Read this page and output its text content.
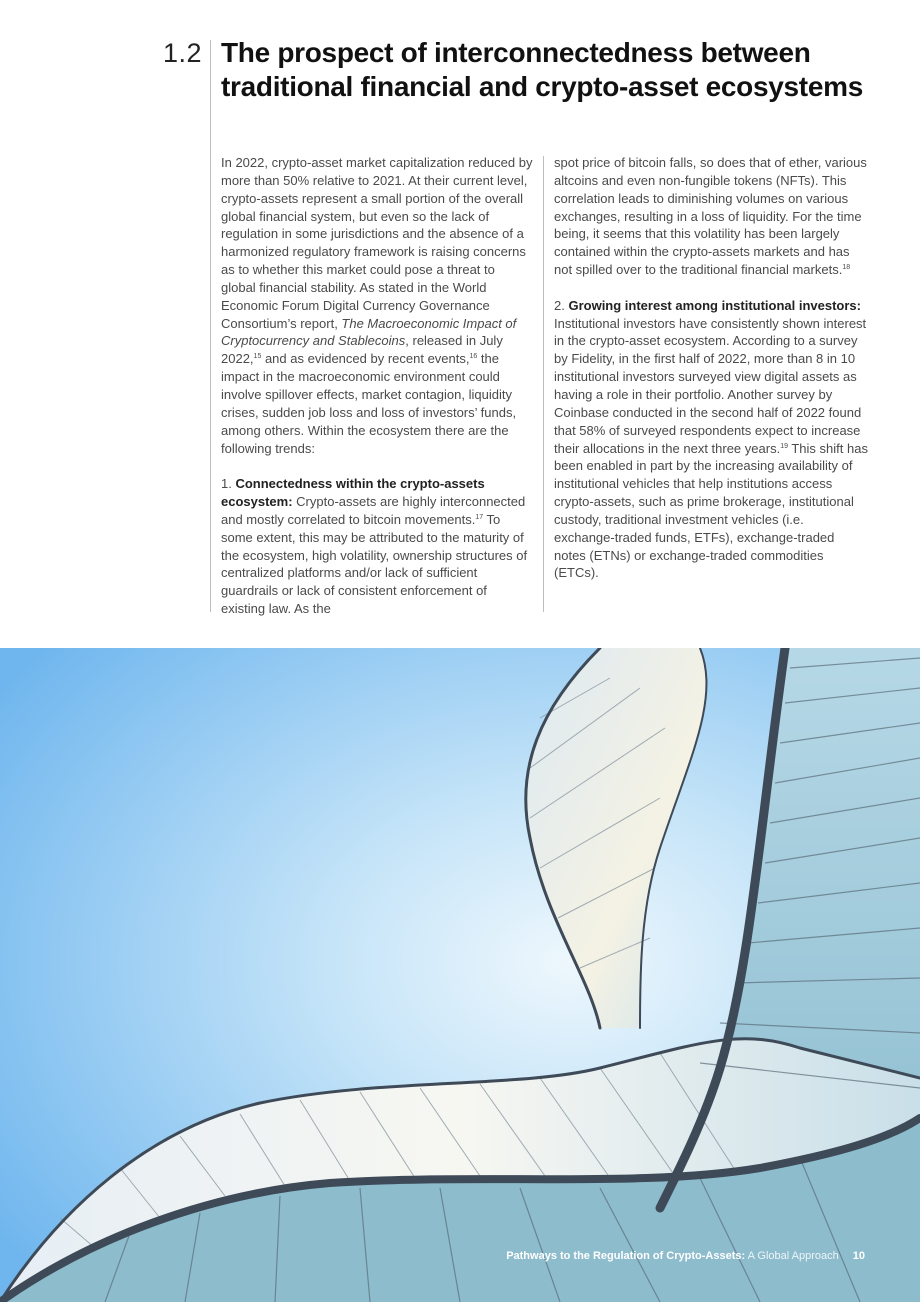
1.2 The prospect of interconnectedness between traditional financial and crypto-asset ecosystems

In 2022, crypto-asset market capitalization reduced by more than 50% relative to 2021. At their current level, crypto-assets represent a small portion of the overall global financial system, but even so the lack of regulation in some jurisdictions and the absence of a harmonized regulatory framework is raising concerns as to whether this market could pose a threat to global financial stability. As stated in the World Economic Forum Digital Currency Governance Consortium’s report, The Macroeconomic Impact of Cryptocurrency and Stablecoins, released in July 2022,15 and as evidenced by recent events,$^{16}$ the impact in the macroeconomic environment could involve spillover effects, market contagion, liquidity crises, sudden job loss and loss of investors’ funds, among others. Within the ecosystem there are the following trends:

1. Connectedness within the crypto-assets ecosystem: Crypto-assets are highly interconnected and mostly correlated to bitcoin movements.$^{17}$ To some extent, this may be attributed to the maturity of the ecosystem, high volatility, ownership structures of centralized platforms and/or lack of sufficient guardrails or lack of consistent enforcement of existing law. As the

spot price of bitcoin falls, so does that of ether, various altcoins and even non-fungible tokens (NFTs). This correlation leads to diminishing volumes on various exchanges, resulting in a loss of liquidity. For the time being, it seems that this volatility has been largely contained within the crypto-assets markets and has not spilled over to the traditional financial markets.$^{18}$

2. Growing interest among institutional investors: Institutional investors have consistently shown interest in the crypto-asset ecosystem. According to a survey by Fidelity, in the first half of 2022, more than 8 in 10 institutional investors surveyed view digital assets as having a role in their portfolio. Another survey by Coinbase conducted in the second half of 2022 found that 58% of surveyed respondents expect to increase their allocations in the next three years.$^{19}$ This shift has been enabled in part by the increasing availability of institutional vehicles that help institutions access crypto-assets, such as prime brokerage, institutional custody, traditional investment vehicles (i.e. exchange-traded funds, ETFs), exchange-traded notes (ETNs) or exchange-traded commodities (ETCs).

Pathways to the Regulation of Crypto-Assets: A Global Approach 10
